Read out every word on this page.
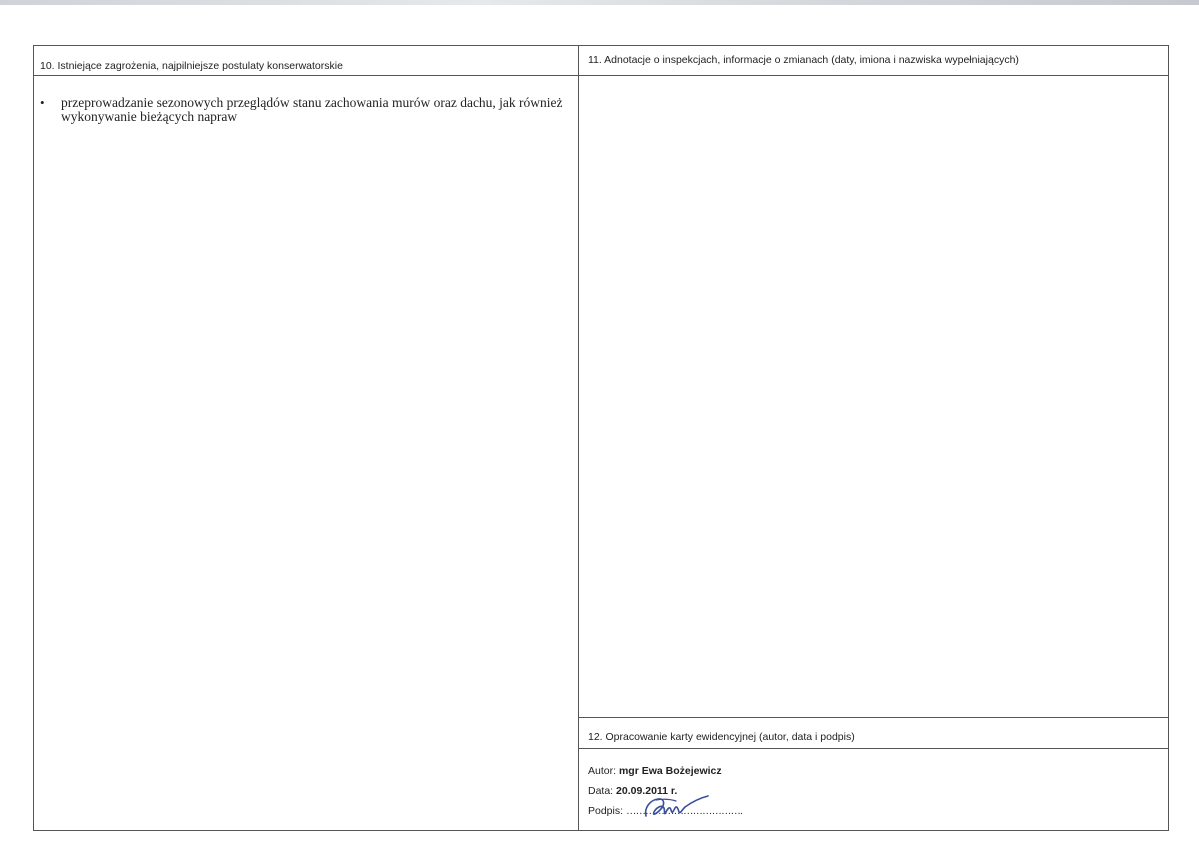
10. Istniejące zagrożenia, najpilniejsze postulaty konserwatorskie
• przeprowadzanie sezonowych przeglądów stanu zachowania murów oraz dachu, jak również wykonywanie bieżących napraw
11. Adnotacje o inspekcjach, informacje o zmianach (daty, imiona i nazwiska wypełniających)
12. Opracowanie karty ewidencyjnej (autor, data i podpis)
Autor: mgr Ewa Bożejewicz
Data: 20.09.2011 r.
Podpis: ……………………………….
